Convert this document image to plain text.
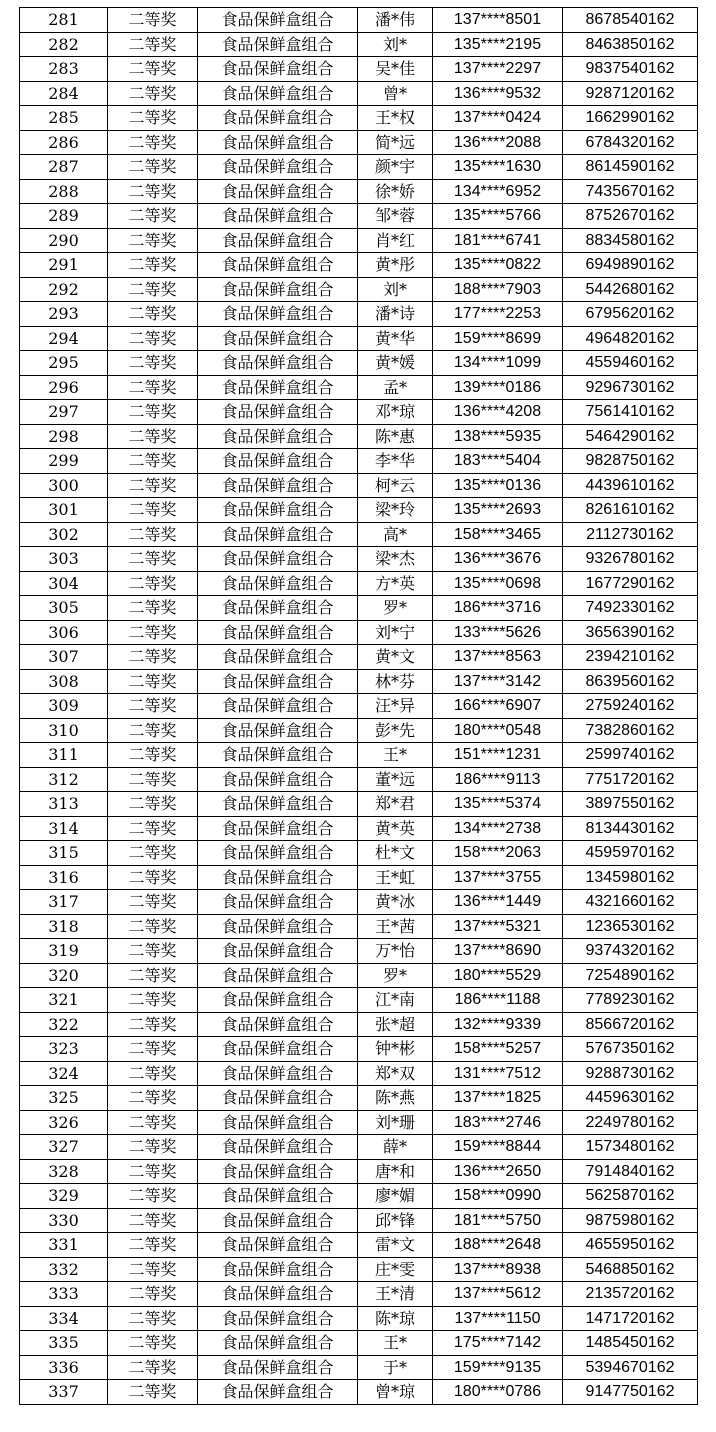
281	二等奖	食品保鲜盒组合	潘*伟	137****8501	8678540162
282	二等奖	食品保鲜盒组合	刘*	135****2195	8463850162
283	二等奖	食品保鲜盒组合	吴*佳	137****2297	9837540162
284	二等奖	食品保鲜盒组合	曾*	136****9532	9287120162
285	二等奖	食品保鲜盒组合	王*权	137****0424	1662990162
286	二等奖	食品保鲜盒组合	简*远	136****2088	6784320162
287	二等奖	食品保鲜盒组合	颜*宇	135****1630	8614590162
288	二等奖	食品保鲜盒组合	徐*娇	134****6952	7435670162
289	二等奖	食品保鲜盒组合	邹*蓉	135****5766	8752670162
290	二等奖	食品保鲜盒组合	肖*红	181****6741	8834580162
291	二等奖	食品保鲜盒组合	黄*彤	135****0822	6949890162
292	二等奖	食品保鲜盒组合	刘*	188****7903	5442680162
293	二等奖	食品保鲜盒组合	潘*诗	177****2253	6795620162
294	二等奖	食品保鲜盒组合	黄*华	159****8699	4964820162
295	二等奖	食品保鲜盒组合	黄*媛	134****1099	4559460162
296	二等奖	食品保鲜盒组合	孟*	139****0186	9296730162
297	二等奖	食品保鲜盒组合	邓*琼	136****4208	7561410162
298	二等奖	食品保鲜盒组合	陈*惠	138****5935	5464290162
299	二等奖	食品保鲜盒组合	李*华	183****5404	9828750162
300	二等奖	食品保鲜盒组合	柯*云	135****0136	4439610162
301	二等奖	食品保鲜盒组合	梁*玲	135****2693	8261610162
302	二等奖	食品保鲜盒组合	高*	158****3465	2112730162
303	二等奖	食品保鲜盒组合	梁*杰	136****3676	9326780162
304	二等奖	食品保鲜盒组合	方*英	135****0698	1677290162
305	二等奖	食品保鲜盒组合	罗*	186****3716	7492330162
306	二等奖	食品保鲜盒组合	刘*宁	133****5626	3656390162
307	二等奖	食品保鲜盒组合	黄*文	137****8563	2394210162
308	二等奖	食品保鲜盒组合	林*芬	137****3142	8639560162
309	二等奖	食品保鲜盒组合	汪*异	166****6907	2759240162
310	二等奖	食品保鲜盒组合	彭*先	180****0548	7382860162
311	二等奖	食品保鲜盒组合	王*	151****1231	2599740162
312	二等奖	食品保鲜盒组合	董*远	186****9113	7751720162
313	二等奖	食品保鲜盒组合	郑*君	135****5374	3897550162
314	二等奖	食品保鲜盒组合	黄*英	134****2738	8134430162
315	二等奖	食品保鲜盒组合	杜*文	158****2063	4595970162
316	二等奖	食品保鲜盒组合	王*虹	137****3755	1345980162
317	二等奖	食品保鲜盒组合	黄*冰	136****1449	4321660162
318	二等奖	食品保鲜盒组合	王*茜	137****5321	1236530162
319	二等奖	食品保鲜盒组合	万*怡	137****8690	9374320162
320	二等奖	食品保鲜盒组合	罗*	180****5529	7254890162
321	二等奖	食品保鲜盒组合	江*南	186****1188	7789230162
322	二等奖	食品保鲜盒组合	张*超	132****9339	8566720162
323	二等奖	食品保鲜盒组合	钟*彬	158****5257	5767350162
324	二等奖	食品保鲜盒组合	郑*双	131****7512	9288730162
325	二等奖	食品保鲜盒组合	陈*燕	137****1825	4459630162
326	二等奖	食品保鲜盒组合	刘*珊	183****2746	2249780162
327	二等奖	食品保鲜盒组合	薛*	159****8844	1573480162
328	二等奖	食品保鲜盒组合	唐*和	136****2650	7914840162
329	二等奖	食品保鲜盒组合	廖*媚	158****0990	5625870162
330	二等奖	食品保鲜盒组合	邱*锋	181****5750	9875980162
331	二等奖	食品保鲜盒组合	雷*文	188****2648	4655950162
332	二等奖	食品保鲜盒组合	庄*雯	137****8938	5468850162
333	二等奖	食品保鲜盒组合	王*清	137****5612	2135720162
334	二等奖	食品保鲜盒组合	陈*琼	137****1150	1471720162
335	二等奖	食品保鲜盒组合	王*	175****7142	1485450162
336	二等奖	食品保鲜盒组合	于*	159****9135	5394670162
337	二等奖	食品保鲜盒组合	曾*琼	180****0786	9147750162
